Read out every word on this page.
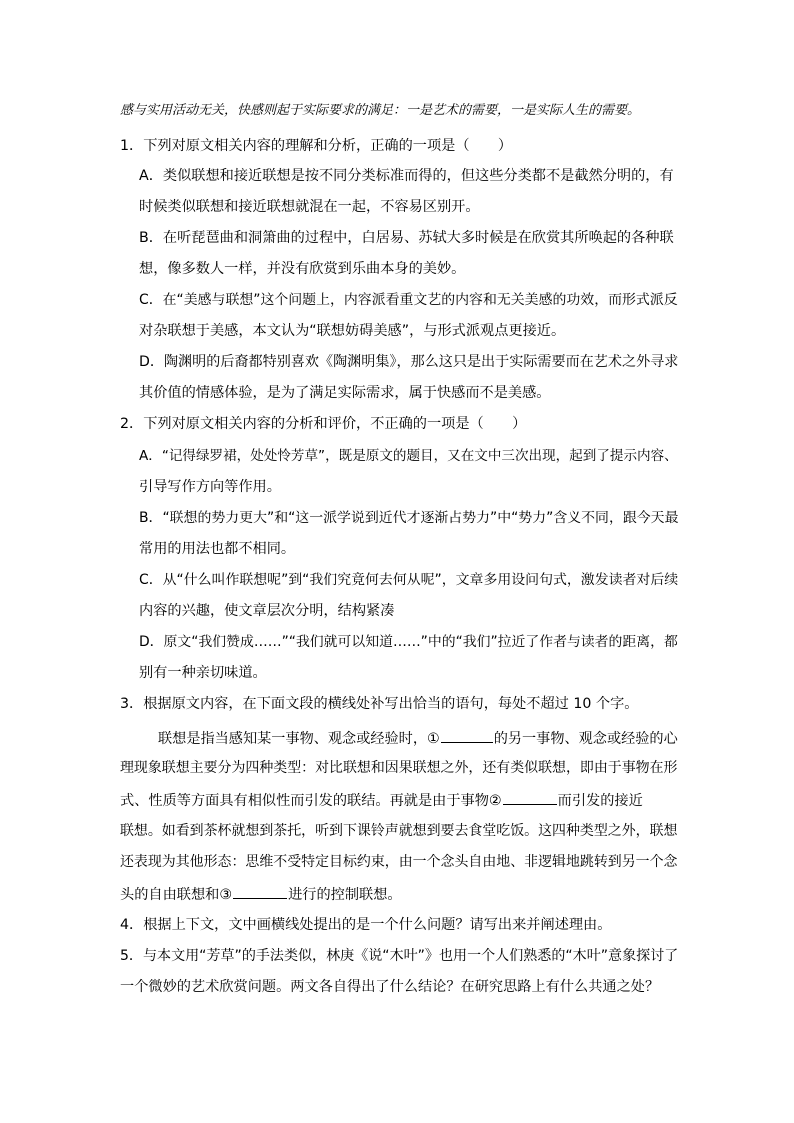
感与实用活动无关，快感则起于实际要求的满足：一是艺术的需要，一是实际人生的需要。
1．下列对原文相关内容的理解和分析，正确的一项是（　　）
A．类似联想和接近联想是按不同分类标准而得的，但这些分类都不是截然分明的，有
时候类似联想和接近联想就混在一起，不容易区别开。
B．在听琵琶曲和洞箫曲的过程中，白居易、苏轼大多时候是在欣赏其所唤起的各种联
想，像多数人一样，并没有欣赏到乐曲本身的美妙。
C．在“美感与联想”这个问题上，内容派看重文艺的内容和无关美感的功效，而形式派反
对杂联想于美感，本文认为“联想妨碍美感”，与形式派观点更接近。
D．陶渊明的后裔都特别喜欢《陶渊明集》，那么这只是出于实际需要而在艺术之外寻求
其价值的情感体验，是为了满足实际需求，属于快感而不是美感。
2．下列对原文相关内容的分析和评价，不正确的一项是（　　）
A．“记得绿罗裙，处处怜芳草”，既是原文的题目，又在文中三次出现，起到了提示内容、
引导写作方向等作用。
B．“联想的势力更大”和“这一派学说到近代才逐渐占势力”中“势力”含义不同，跟今天最
常用的用法也都不相同。
C．从“什么叫作联想呢”到“我们究竟何去何从呢”，文章多用设问句式，激发读者对后续
内容的兴趣，使文章层次分明，结构紧凑
D．原文“我们赞成……”“我们就可以知道……”中的“我们”拉近了作者与读者的距离，都
别有一种亲切味道。
3．根据原文内容，在下面文段的横线处补写出恰当的语句，每处不超过 10 个字。
联想是指当感知某一事物、观念或经验时，①	的另一事物、观念或经验的心
理现象联想主要分为四种类型：对比联想和因果联想之外，还有类似联想，即由于事物在形
式、性质等方面具有相似性而引发的联结。再就是由于事物②	而引发的接近
联想。如看到茶杯就想到茶托，听到下课铃声就想到要去食堂吃饭。这四种类型之外，联想
还表现为其他形态：思维不受特定目标约束，由一个念头自由地、非逻辑地跳转到另一个念
头的自由联想和③	进行的控制联想。
4．根据上下文，文中画横线处提出的是一个什么问题？请写出来并阐述理由。
5．与本文用“芳草”的手法类似，林庚《说“木叶”》也用一个人们熟悉的“木叶”意象探讨了
一个微妙的艺术欣赏问题。两文各自得出了什么结论？在研究思路上有什么共通之处？
